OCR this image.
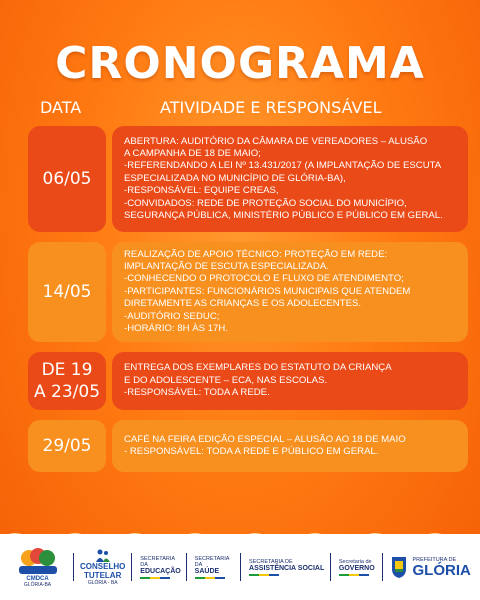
CRONOGRAMA
DATA	ATIVIDADE E RESPONSÁVEL
06/05
ABERTURA: AUDITÓRIO DA CÂMARA DE VEREADORES – ALUSÃO
A CAMPANHA DE 18 DE MAIO;
-REFERENDANDO A LEI Nº 13.431/2017 (A IMPLANTAÇÃO DE ESCUTA
ESPECIALIZADA NO MUNICÍPIO DE GLÓRIA-BA),
-RESPONSÁVEL: EQUIPE CREAS,
-CONVIDADOS: REDE DE PROTEÇÃO SOCIAL DO MUNICÍPIO,
SEGURANÇA PÚBLICA, MINISTÉRIO PÚBLICO E PÚBLICO EM GERAL.
14/05
REALIZAÇÃO DE APOIO TÉCNICO: PROTEÇÃO EM REDE:
IMPLANTAÇÃO DE ESCUTA ESPECIALIZADA.
-CONHECENDO O PROTOCOLO E FLUXO DE ATENDIMENTO;
-PARTICIPANTES: FUNCIONÁRIOS MUNICIPAIS QUE ATENDEM
DIRETAMENTE AS CRIANÇAS E OS ADOLECENTES.
-AUDITÓRIO SEDUC;
-HORÁRIO: 8H ÀS 17H.
DE 19
A 23/05
ENTREGA DOS EXEMPLARES DO ESTATUTO DA CRIANÇA
E DO ADOLESCENTE – ECA, NAS ESCOLAS.
-RESPONSÁVEL: TODA A REDE.
29/05	CAFÉ NA FEIRA EDIÇÃO ESPECIAL – ALUSÃO AO 18 DE MAIO
- RESPONSÁVEL: TODA A REDE E PÚBLICO EM GERAL.
CMDCA
GLÓRIA-BA
CONSELHO
TUTELAR
GLÓRIA - BA
SECRETARIA DA
EDUCAÇÃO
SECRETARIA DA
SAÚDE
SECRETARIA DE
ASSISTÊNCIA SOCIAL
Secretaria de
GOVERNO
PREFEITURA DE
GLÓRIA
